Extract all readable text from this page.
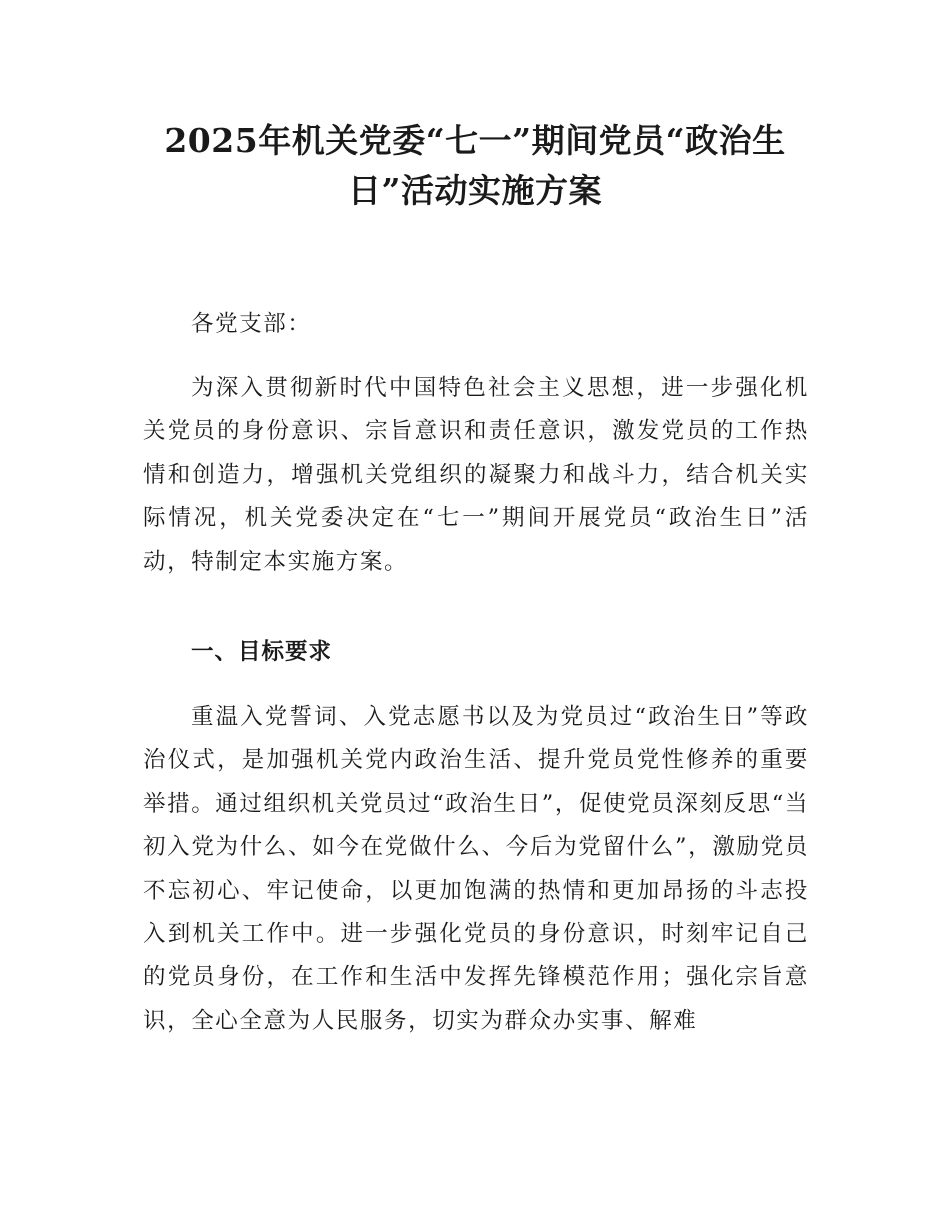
2025年机关党委“七一”期间党员“政治生日”活动实施方案

各党支部：

为深入贯彻新时代中国特色社会主义思想，进一步强化机关党员的身份意识、宗旨意识和责任意识，激发党员的工作热情和创造力，增强机关党组织的凝聚力和战斗力，结合机关实际情况，机关党委决定在“七一”期间开展党员“政治生日”活动，特制定本实施方案。

一、目标要求

重温入党誓词、入党志愿书以及为党员过“政治生日”等政治仪式，是加强机关党内政治生活、提升党员党性修养的重要举措。通过组织机关党员过“政治生日”，促使党员深刻反思“当初入党为什么、如今在党做什么、今后为党留什么”，激励党员不忘初心、牢记使命，以更加饱满的热情和更加昂扬的斗志投入到机关工作中。进一步强化党员的身份意识，时刻牢记自己的党员身份，在工作和生活中发挥先锋模范作用；强化宗旨意识，全心全意为人民服务，切实为群众办实事、解难
